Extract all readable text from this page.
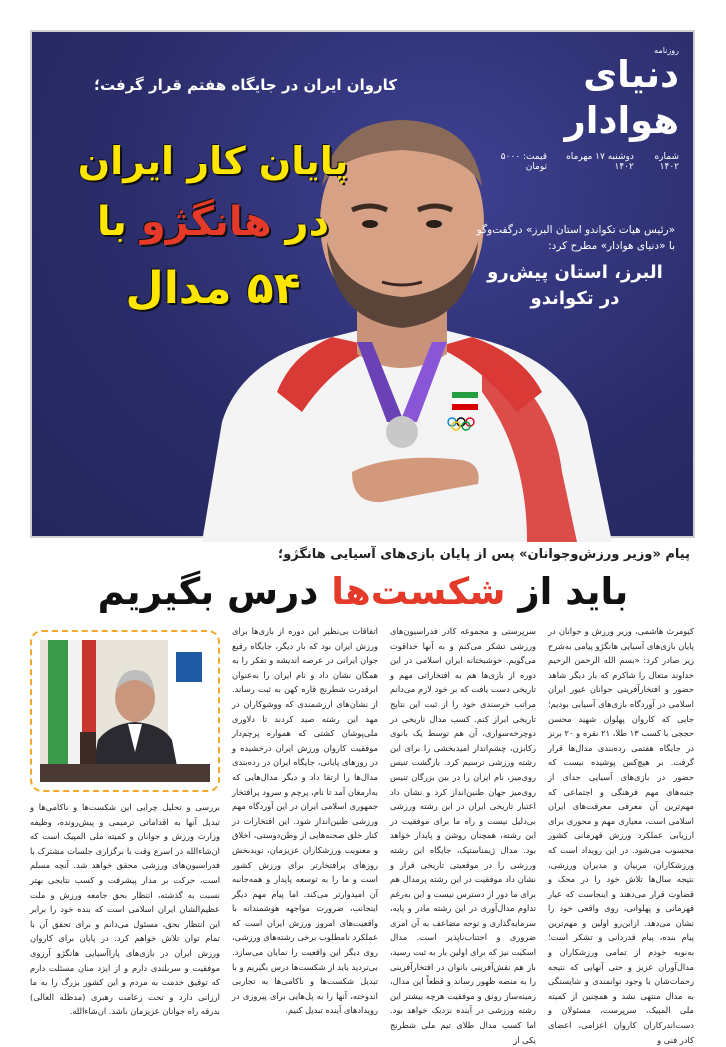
روزنامه
دنیای هوادار
شماره ۱۴۰۲
دوشنبه ۱۷ مهرماه ۱۴۰۲
قیمت: ۵۰۰۰ تومان
کاروان ایران در جایگاه هفتم قرار گرفت؛
پایان کار ایران
در هانگژو با
۵۴ مدال
«رئیس هیات تکواندو استان البرز» درگفت‌وگو با «دنیای هوادار» مطرح کرد:
البرز، استان پیش‌رو در تکواندو
پیام «وزیر ورزش‌وجوانان» پس از پایان بازی‌های آسیایی هانگژو؛
باید از شکست‌ها درس بگیریم

کیومرث هاشمی، وزیر ورزش و جوانان در پایان بازی‌های آسیایی هانگژو پیامی به‌شرح زیر صادر کرد: «بسم الله الرحمن الرحیم خداوند متعال را شاکرم که بار دیگر شاهد حضور و افتخارآفرینی جوانان غیور ایران اسلامی در آوردگاه بازی‌های آسیایی بودیم؛ جایی که کاروان پهلوان شهید محسن حججی با کسب ۱۳ طلا، ۲۱ نقره و ۲۰ برنز در جایگاه هفتمی رده‌بندی مدال‌ها قرار گرفت. بر هیچ‌کس پوشیده نیست که حضور در بازی‌های آسیایی جدای از جنبه‌های مهم فرهنگی و اجتماعی که مهم‌ترین آن معرفی معرفت‌های ایران اسلامی است، معیاری مهم و محوری برای ارزیابی عملکرد ورزش قهرمانی کشور محسوب می‌شود. در این رویداد است که ورزشکاران، مربیان و مدیران ورزشی، نتیجه سال‌ها تلاش خود را در محک و قضاوت قرار می‌دهند و اینجاست که عیار قهرمانی و پهلوانی، روی واقعی خود را نشان می‌دهد. ازاین‌رو اولین و مهم‌ترین پیام بنده، پیام قدردانی و تشکر است؛ به‌نوبه خودم از تمامی ورزشکاران و مدال‌آوران عزیز و حتی آنهایی که نتیجه زحمات‌شان با وجود توانمندی و شایستگی به مدال منتهی نشد و همچنین از کمیته ملی المپیک، سرپرست، مسئولان و دست‌اندرکاران کاروان اعزامی، اعضای کادر فنی و

سرپرستی و مجموعه کادر فدراسیون‌های ورزشی تشکر می‌کنم و به آنها خداقوت می‌گویم. خوشبختانه ایران اسلامی در این دوره از بازی‌ها هم به افتخاراتی مهم و تاریخی دست یافت که بر خود لازم می‌دانم مراتب خرسندی خود را از ثبت این نتایج تاریخی ابراز کنم. کسب مدال تاریخی در دوچرخه‌سواری، آن هم توسط یک بانوی رکابزن، چشم‌انداز امیدبخشی را برای این رشته ورزشی ترسیم کرد. بازگشت تنیس روی‌میز، نام ایران را در بین بزرگان تنیس روی‌میز جهان طنین‌انداز کرد و نشان داد اعتبار تاریخی ایران در این رشته ورزشی بی‌دلیل نیست و راه ما برای موفقیت در این رشته، همچنان روشن و پایدار خواهد بود. مدال ژیمناستیک، جایگاه این رشته ورزشی را در موقعیتی تاریخی قرار و نشان داد موفقیت در این رشته پرمدال هم برای ما دور از دسترس نیست و این به‌رغم تداوم مدال‌آوری در این رشته مادر و پایه، سرمایه‌گذاری و توجه مضاعف به آن امری ضروری و اجتناب‌ناپذیر است. مدال اسکیت نیز که برای اولین بار به ثبت رسید، باز هم نقش‌آفرینی بانوان در افتخارآفرینی را به منصه ظهور رساند و قطعاً این مدال، زمینه‌ساز رونق و موفقیت هرچه بیشتر این رشته ورزشی در آینده نزدیک خواهد بود. اما کسب مدال طلای تیم ملی شطرنج یکی از

اتفاقات بی‌نظیر این دوره از بازی‌ها برای ورزش ایران بود که بار دیگر، جایگاه رفیع جوان ایرانی در عرصه اندیشه و تفکر را به همگان نشان داد و نام ایران را به‌عنوان ابرقدرت شطرنج قاره کهن به ثبت رساند. از نشان‌های ارزشمندی که ووشوکاران در مهد این رشته صید کردند تا دلاوری ملی‌پوشان کشتی که همواره پرچم‌دار موفقیت کاروان ورزش ایران درخشیده و در روزهای پایانی، جایگاه ایران در رده‌بندی مدال‌ها را ارتقا داد و دیگر مدال‌هایی که به‌ارمغان آمد تا نام، پرچم و سرود پرافتخار جمهوری اسلامی ایران در این آوردگاه مهم ورزشی طنین‌انداز شود. این افتخارات در کنار خلق صحنه‌هایی از وطن‌دوستی، اخلاق و معنویت ورزشکاران عزیزمان، نویدبخش روزهای پرافتخارتر برای ورزش کشور است و ما را به توسعه پایدار و همه‌جانبه آن امیدوارتر می‌کند. اما پیام مهم دیگر اینجانب، ضرورت مواجهه هوشمندانه با واقعیت‌های امروز ورزش ایران است که عملکرد نامطلوب برخی رشته‌های ورزشی، روی دیگر این واقعیت را نمایان می‌سازد. بی‌تردید باید از شکست‌ها درس بگیریم و با تبدیل شکست‌ها و ناکامی‌ها به تجاربی اندوخته، آنها را به پل‌هایی برای پیروزی در رویدادهای آینده تبدیل کنیم.

بررسی و تحلیل چرایی این شکست‌ها و ناکامی‌ها و تبدیل آنها به اقداماتی ترمیمی و پیش‌رونده، وظیفه وزارت ورزش و جوانان و کمیته ملی المپیک است که ان‌شاءالله در اسرع وقت با برگزاری جلسات مشترک با فدراسیون‌های ورزشی محقق خواهد شد. آنچه مسلم است، حرکت بر مدار پیشرفت و کسب نتایجی بهتر نسبت به گذشته، انتظار بحق جامعه ورزش و ملت عظیم‌الشان ایران اسلامی است که بنده خود را برابر این انتظار بحق، مسئول می‌دانم و برای تحقق آن با تمام توان تلاش خواهم کرد. در پایان برای کاروان ورزش ایران در بازی‌های پاراآسیایی هانگژو آرزوی موفقیت و سربلندی دارم و از ایزد منان مسئلت دارم که توفیق خدمت به مردم و این کشور بزرگ را به ما ارزانی دارد و تحت زعامت رهبری (مدظله العالی) بدرقه راه جوانان عزیزمان باشد. ان‌شاءالله.
